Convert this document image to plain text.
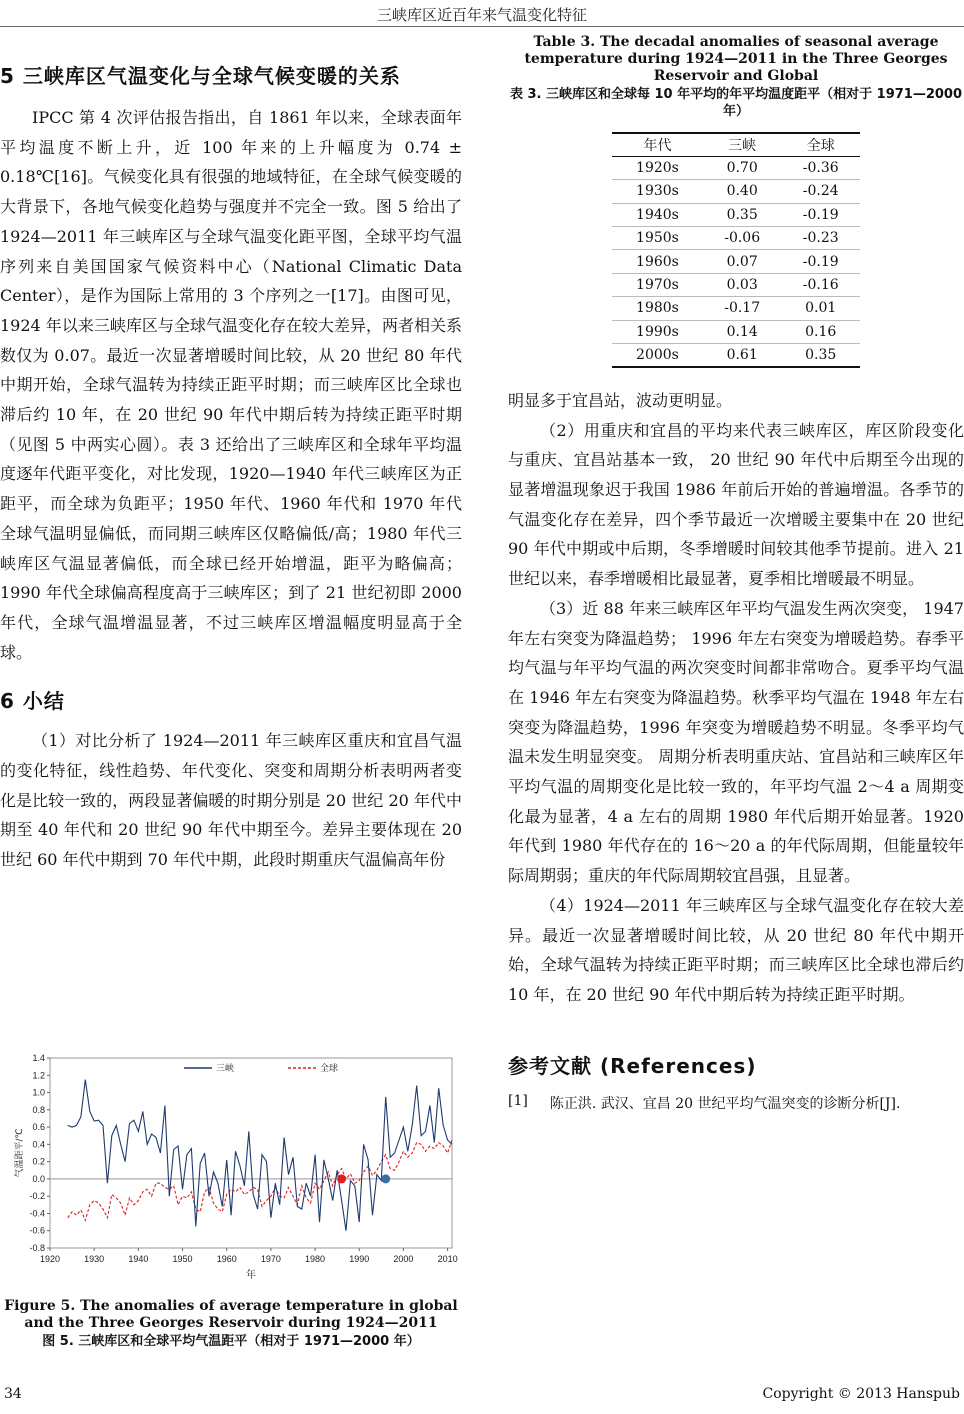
三峡库区近百年来气温变化特征
5 三峡库区气温变化与全球气候变暖的关系

IPCC 第 4 次评估报告指出，自 1861 年以来，全球表面年平均温度不断上升，近 100 年来的上升幅度为 0.74 ± 0.18℃[16]。气候变化具有很强的地域特征，在全球气候变暖的大背景下，各地气候变化趋势与强度并不完全一致。图 5 给出了 1924—2011 年三峡库区与全球气温变化距平图，全球平均气温序列来自美国国家气候资料中心（National Climatic Data Center），是作为国际上常用的 3 个序列之一[17]。由图可见，1924 年以来三峡库区与全球气温变化存在较大差异，两者相关系数仅为 0.07。最近一次显著增暖时间比较，从 20 世纪 80 年代中期开始，全球气温转为持续正距平时期；而三峡库区比全球也滞后约 10 年，在 20 世纪 90 年代中期后转为持续正距平时期（见图 5 中两实心圆）。表 3 还给出了三峡库区和全球年平均温度逐年代距平变化，对比发现，1920—1940 年代三峡库区为正距平，而全球为负距平；1950 年代、1960 年代和 1970 年代全球气温明显偏低，而同期三峡库区仅略偏低/高；1980 年代三峡库区气温显著偏低，而全球已经开始增温，距平为略偏高；1990 年代全球偏高程度高于三峡库区；到了 21 世纪初即 2000 年代，全球气温增温显著，不过三峡库区增温幅度明显高于全球。

6 小结

（1）对比分析了 1924—2011 年三峡库区重庆和宜昌气温的变化特征，线性趋势、年代变化、突变和周期分析表明两者变化是比较一致的，两段显著偏暖的时期分别是 20 世纪 20 年代中期至 40 年代和 20 世纪 90 年代中期至今。差异主要体现在 20 世纪 60 年代中期到 70 年代中期，此段时期重庆气温偏高年份

-0.8
-0.6
-0.4
-0.2
0.0
0.2
0.4
0.6
0.8
1.0
1.2
1.4
1920	1930	1940	1950	1960	1970	1980	1990	2000	2010
年
气温距平/℃
三峡	全球
Figure 5. The anomalies of average temperature in global and the Three Georges Reservoir during 1924—2011
图 5. 三峡库区和全球平均气温距平（相对于 1971—2000 年）
Table 3. The decadal anomalies of seasonal average temperature during 1924—2011 in the Three Georges Reservoir and Global
表 3. 三峡库区和全球每 10 年平均的年平均温度距平（相对于 1971—2000 年）
年代	三峡	全球
1920s	0.70	-0.36
1930s	0.40	-0.24
1940s	0.35	-0.19
1950s	-0.06	-0.23
1960s	0.07	-0.19
1970s	0.03	-0.16
1980s	-0.17	0.01
1990s	0.14	0.16
2000s	0.61	0.35

明显多于宜昌站，波动更明显。

（2）用重庆和宜昌的平均来代表三峡库区，库区阶段变化与重庆、宜昌站基本一致， 20 世纪 90 年代中后期至今出现的显著增温现象迟于我国 1986 年前后开始的普遍增温。各季节的气温变化存在差异，四个季节最近一次增暖主要集中在 20 世纪 90 年代中期或中后期，冬季增暖时间较其他季节提前。进入 21 世纪以来，春季增暖相比最显著，夏季相比增暖最不明显。

（3）近 88 年来三峡库区年平均气温发生两次突变， 1947 年左右突变为降温趋势； 1996 年左右突变为增暖趋势。春季平均气温与年平均气温的两次突变时间都非常吻合。夏季平均气温在 1946 年左右突变为降温趋势。秋季平均气温在 1948 年左右突变为降温趋势，1996 年突变为增暖趋势不明显。冬季平均气温未发生明显突变。 周期分析表明重庆站、宜昌站和三峡库区年平均气温的周期变化是比较一致的，年平均气温 2～4 a 周期变化最为显著，4 a 左右的周期 1980 年代后期开始显著。1920 年代到 1980 年代存在的 16～20 a 的年代际周期，但能量较年际周期弱；重庆的年代际周期较宜昌强，且显著。

（4）1924—2011 年三峡库区与全球气温变化存在较大差异。最近一次显著增暖时间比较，从 20 世纪 80 年代中期开始，全球气温转为持续正距平时期；而三峡库区比全球也滞后约 10 年，在 20 世纪 90 年代中期后转为持续正距平时期。

参考文献 (References)
[1] 陈正洪. 武汉、宜昌 20 世纪平均气温突变的诊断分析[J].
34	Copyright © 2013 Hanspub
